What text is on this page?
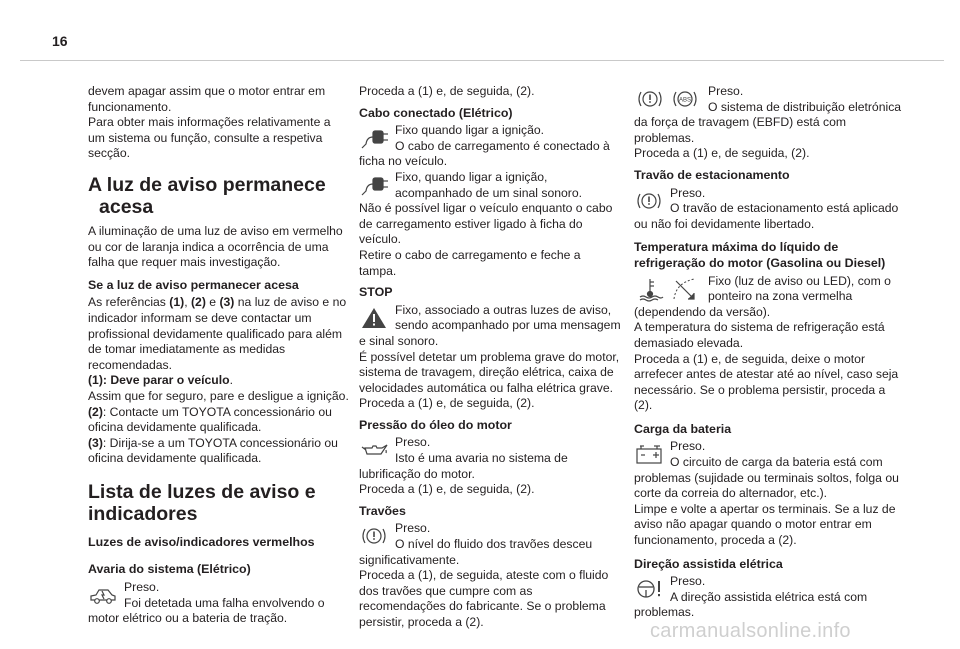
16

devem apagar assim que o motor entrar em funcionamento.

Para obter mais informações relativamente a um sistema ou função, consulte a respetiva secção.

A luz de aviso permanece
acesa

A iluminação de uma luz de aviso em vermelho ou cor de laranja indica a ocorrência de uma falha que requer mais investigação.

Se a luz de aviso permanecer acesa

As referências (1), (2) e (3) na luz de aviso e no indicador informam se deve contactar um profissional devidamente qualificado para além de tomar imediatamente as medidas recomendadas.

(1): Deve parar o veículo.

Assim que for seguro, pare e desligue a ignição.

(2): Contacte um TOYOTA concessionário ou oficina devidamente qualificada.

(3): Dirija-se a um TOYOTA concessionário ou oficina devidamente qualificada.

Lista de luzes de aviso e
indicadores
Luzes de aviso/indicadores vermelhos
Avaria do sistema (Elétrico)

Preso.

Foi detetada uma falha envolvendo o motor elétrico ou a bateria de tração.

Proceda a (1) e, de seguida, (2).

Cabo conectado (Elétrico)

Fixo quando ligar a ignição.

O cabo de carregamento é conectado à ficha no veículo.

Fixo, quando ligar a ignição, acompanhado de um sinal sonoro.

Não é possível ligar o veículo enquanto o cabo de carregamento estiver ligado à ficha do veículo.

Retire o cabo de carregamento e feche a tampa.

STOP

Fixo, associado a outras luzes de aviso, sendo acompanhado por uma mensagem e sinal sonoro.

É possível detetar um problema grave do motor, sistema de travagem, direção elétrica, caixa de velocidades automática ou falha elétrica grave.

Proceda a (1) e, de seguida, (2).

Pressão do óleo do motor

Preso.

Isto é uma avaria no sistema de lubrificação do motor.

Proceda a (1) e, de seguida, (2).

Travões

Preso.

O nível do fluido dos travões desceu significativamente.

Proceda a (1), de seguida, ateste com o fluido dos travões que cumpre com as recomendações do fabricante. Se o problema persistir, proceda a (2).

ABS

Preso.

O sistema de distribuição eletrónica da força de travagem (EBFD) está com problemas.

Proceda a (1) e, de seguida, (2).

Travão de estacionamento

Preso.

O travão de estacionamento está aplicado ou não foi devidamente libertado.

Temperatura máxima do líquido de refrigeração do motor (Gasolina ou Diesel)

Fixo (luz de aviso ou LED), com o ponteiro na zona vermelha (dependendo da versão).

A temperatura do sistema de refrigeração está demasiado elevada.

Proceda a (1) e, de seguida, deixe o motor arrefecer antes de atestar até ao nível, caso seja necessário. Se o problema persistir, proceda a (2).

Carga da bateria

Preso.

O circuito de carga da bateria está com problemas (sujidade ou terminais soltos, folga ou corte da correia do alternador, etc.).

Limpe e volte a apertar os terminais. Se a luz de aviso não apagar quando o motor entrar em funcionamento, proceda a (2).

Direção assistida elétrica

Preso.

A direção assistida elétrica está com problemas.

carmanualsonline.info
